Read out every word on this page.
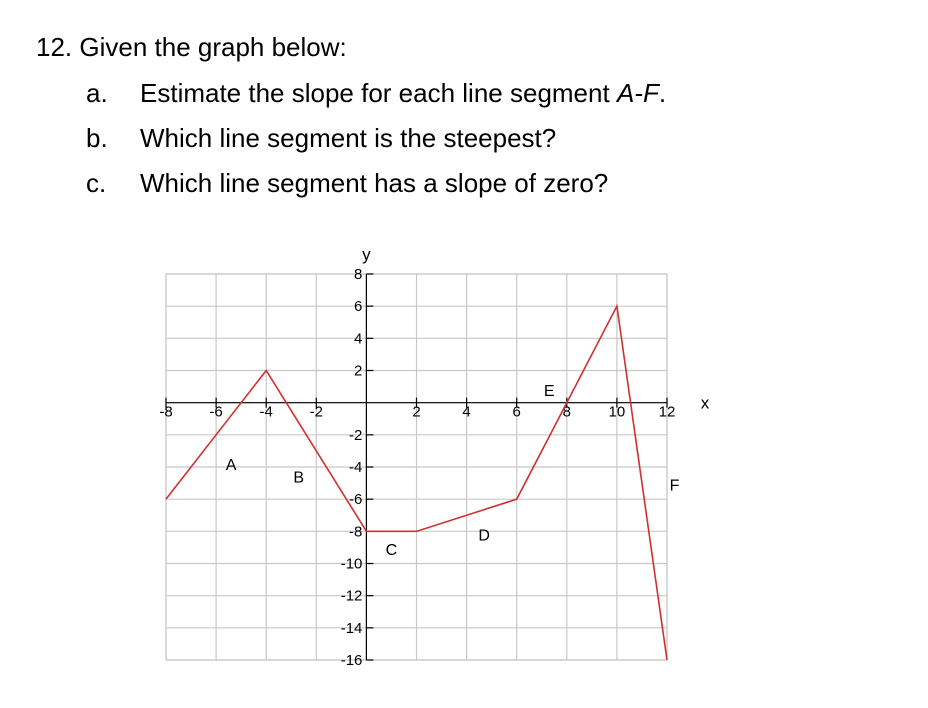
12. Given the graph below:
a. Estimate the slope for each line segment A-F.
b. Which line segment is the steepest?
c. Which line segment has a slope of zero?
-8 -6 -4 -2	2	4	6	8	10 12
8
6
4
2
-2
-4
-6
-8
-10
-12
-14
-16
x
y
A
B
C
D
E
F
